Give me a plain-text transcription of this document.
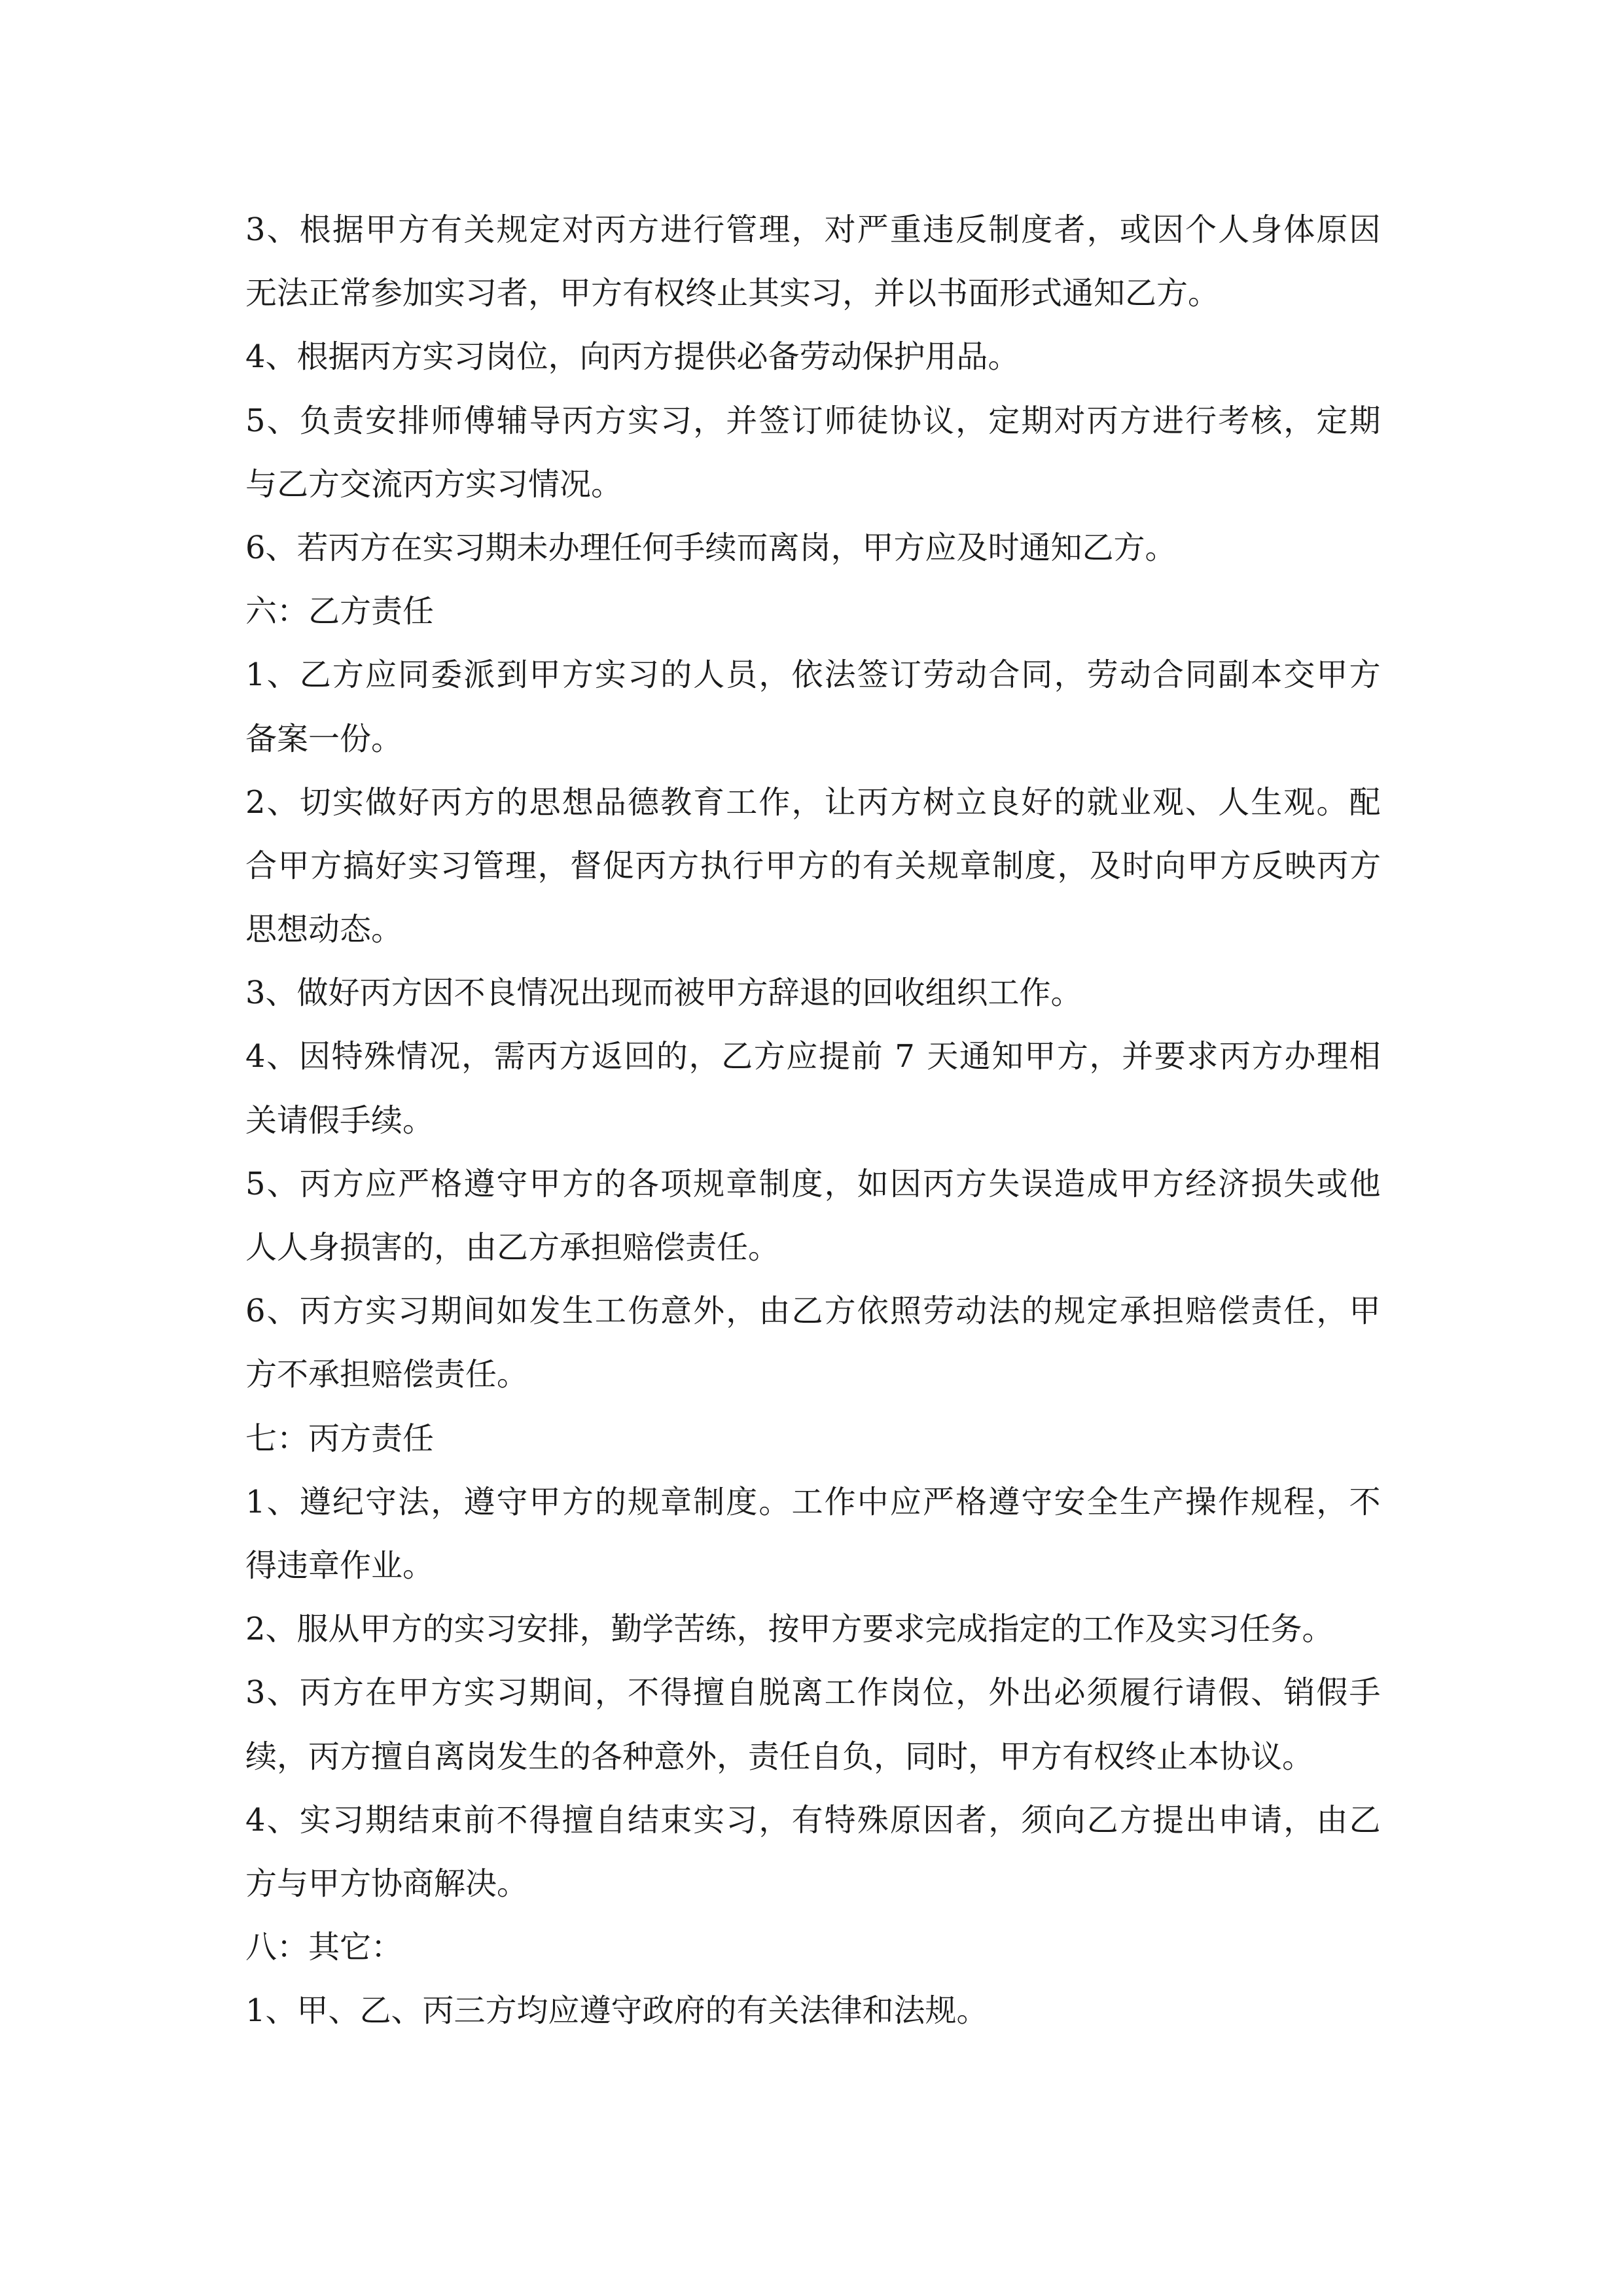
3、根据甲方有关规定对丙方进行管理，对严重违反制度者，或因个人身体原因
无法正常参加实习者，甲方有权终止其实习，并以书面形式通知乙方。
4、根据丙方实习岗位，向丙方提供必备劳动保护用品。
5、负责安排师傅辅导丙方实习，并签订师徒协议，定期对丙方进行考核，定期
与乙方交流丙方实习情况。
6、若丙方在实习期未办理任何手续而离岗，甲方应及时通知乙方。
六：乙方责任
1、乙方应同委派到甲方实习的人员，依法签订劳动合同，劳动合同副本交甲方
备案一份。
2、切实做好丙方的思想品德教育工作，让丙方树立良好的就业观、人生观。配
合甲方搞好实习管理，督促丙方执行甲方的有关规章制度，及时向甲方反映丙方
思想动态。
3、做好丙方因不良情况出现而被甲方辞退的回收组织工作。
4、因特殊情况，需丙方返回的，乙方应提前 7 天通知甲方，并要求丙方办理相
关请假手续。
5、丙方应严格遵守甲方的各项规章制度，如因丙方失误造成甲方经济损失或他
人人身损害的，由乙方承担赔偿责任。
6、丙方实习期间如发生工伤意外，由乙方依照劳动法的规定承担赔偿责任，甲
方不承担赔偿责任。
七：丙方责任
1、遵纪守法，遵守甲方的规章制度。工作中应严格遵守安全生产操作规程，不
得违章作业。
2、服从甲方的实习安排，勤学苦练，按甲方要求完成指定的工作及实习任务。
3、丙方在甲方实习期间，不得擅自脱离工作岗位，外出必须履行请假、销假手
续，丙方擅自离岗发生的各种意外，责任自负，同时，甲方有权终止本协议。
4、实习期结束前不得擅自结束实习，有特殊原因者，须向乙方提出申请，由乙
方与甲方协商解决。
八：其它：
1、甲、乙、丙三方均应遵守政府的有关法律和法规。
